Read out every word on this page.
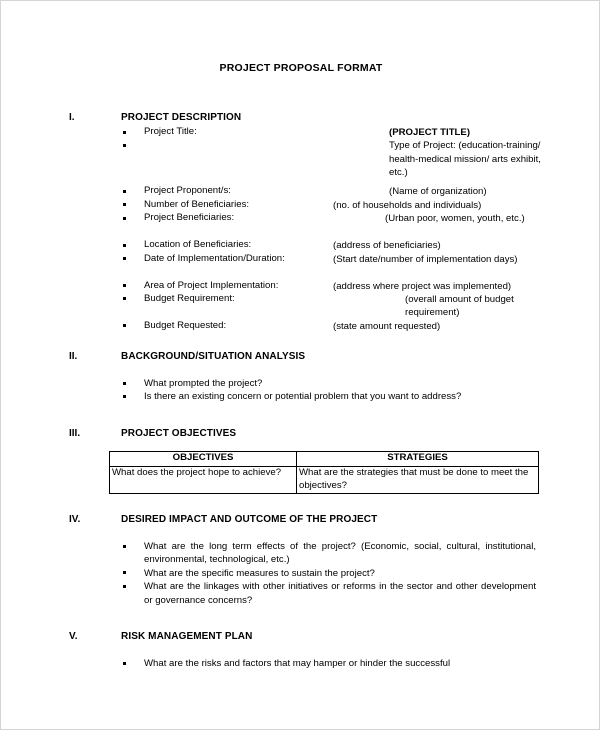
PROJECT PROPOSAL FORMAT
I.	PROJECT DESCRIPTION
Project Title:	(PROJECT TITLE)
Type of Project: (education-training/ health-medical mission/ arts exhibit, etc.)
Project Proponent/s:	(Name of organization)
Number of Beneficiaries:	(no. of households and individuals)
Project Beneficiaries:	(Urban poor, women, youth, etc.)
Location of Beneficiaries:	(address of beneficiaries)
Date of Implementation/Duration:	(Start date/number of implementation days)
Area of Project Implementation:	(address where project was implemented)
Budget Requirement:	(overall amount of budget requirement)
Budget Requested:	(state amount requested)
II.	BACKGROUND/SITUATION ANALYSIS
What prompted the project?
Is there an existing concern or potential problem that you want to address?
III.	PROJECT OBJECTIVES
OBJECTIVES	STRATEGIES
What does the project hope to achieve?	What are the strategies that must be done to meet the objectives?
IV.	DESIRED IMPACT AND OUTCOME OF THE PROJECT
What are the long term effects of the project? (Economic, social, cultural, institutional, environmental, technological, etc.)
What are the specific measures to sustain the project?
What are the linkages with other initiatives or reforms in the sector and other development or governance concerns?
V.	RISK MANAGEMENT PLAN
What are the risks and factors that may hamper or hinder the successful
